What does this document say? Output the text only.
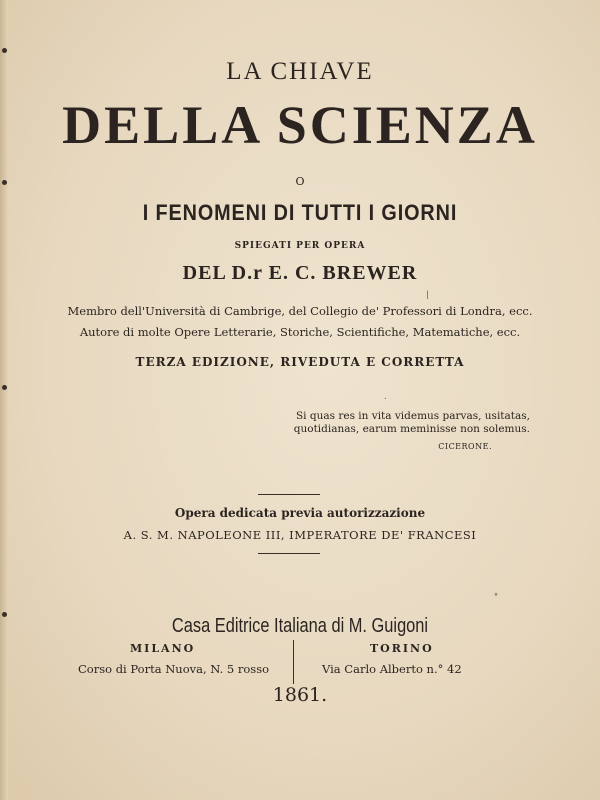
LA CHIAVE
DELLA SCIENZA
O
I FENOMENI DI TUTTI I GIORNI
SPIEGATI PER OPERA
DEL D.r E. C. BREWER
Membro dell'Università di Cambrige, del Collegio de' Professori di Londra, ecc.
Autore di molte Opere Letterarie, Storiche, Scientifiche, Matematiche, ecc.
TERZA EDIZIONE, RIVEDUTA E CORRETTA
Si quas res in vita videmus parvas, usitatas,
quotidianas, earum meminisse non solemus.
CICERONE.
Opera dedicata previa autorizzazione
A. S. M. NAPOLEONE III, IMPERATORE DE' FRANCESI
Casa Editrice Italiana di M. Guigoni
MILANO
Corso di Porta Nuova, N. 5 rosso
TORINO
Via Carlo Alberto n.° 42
1861.
|
.
°
